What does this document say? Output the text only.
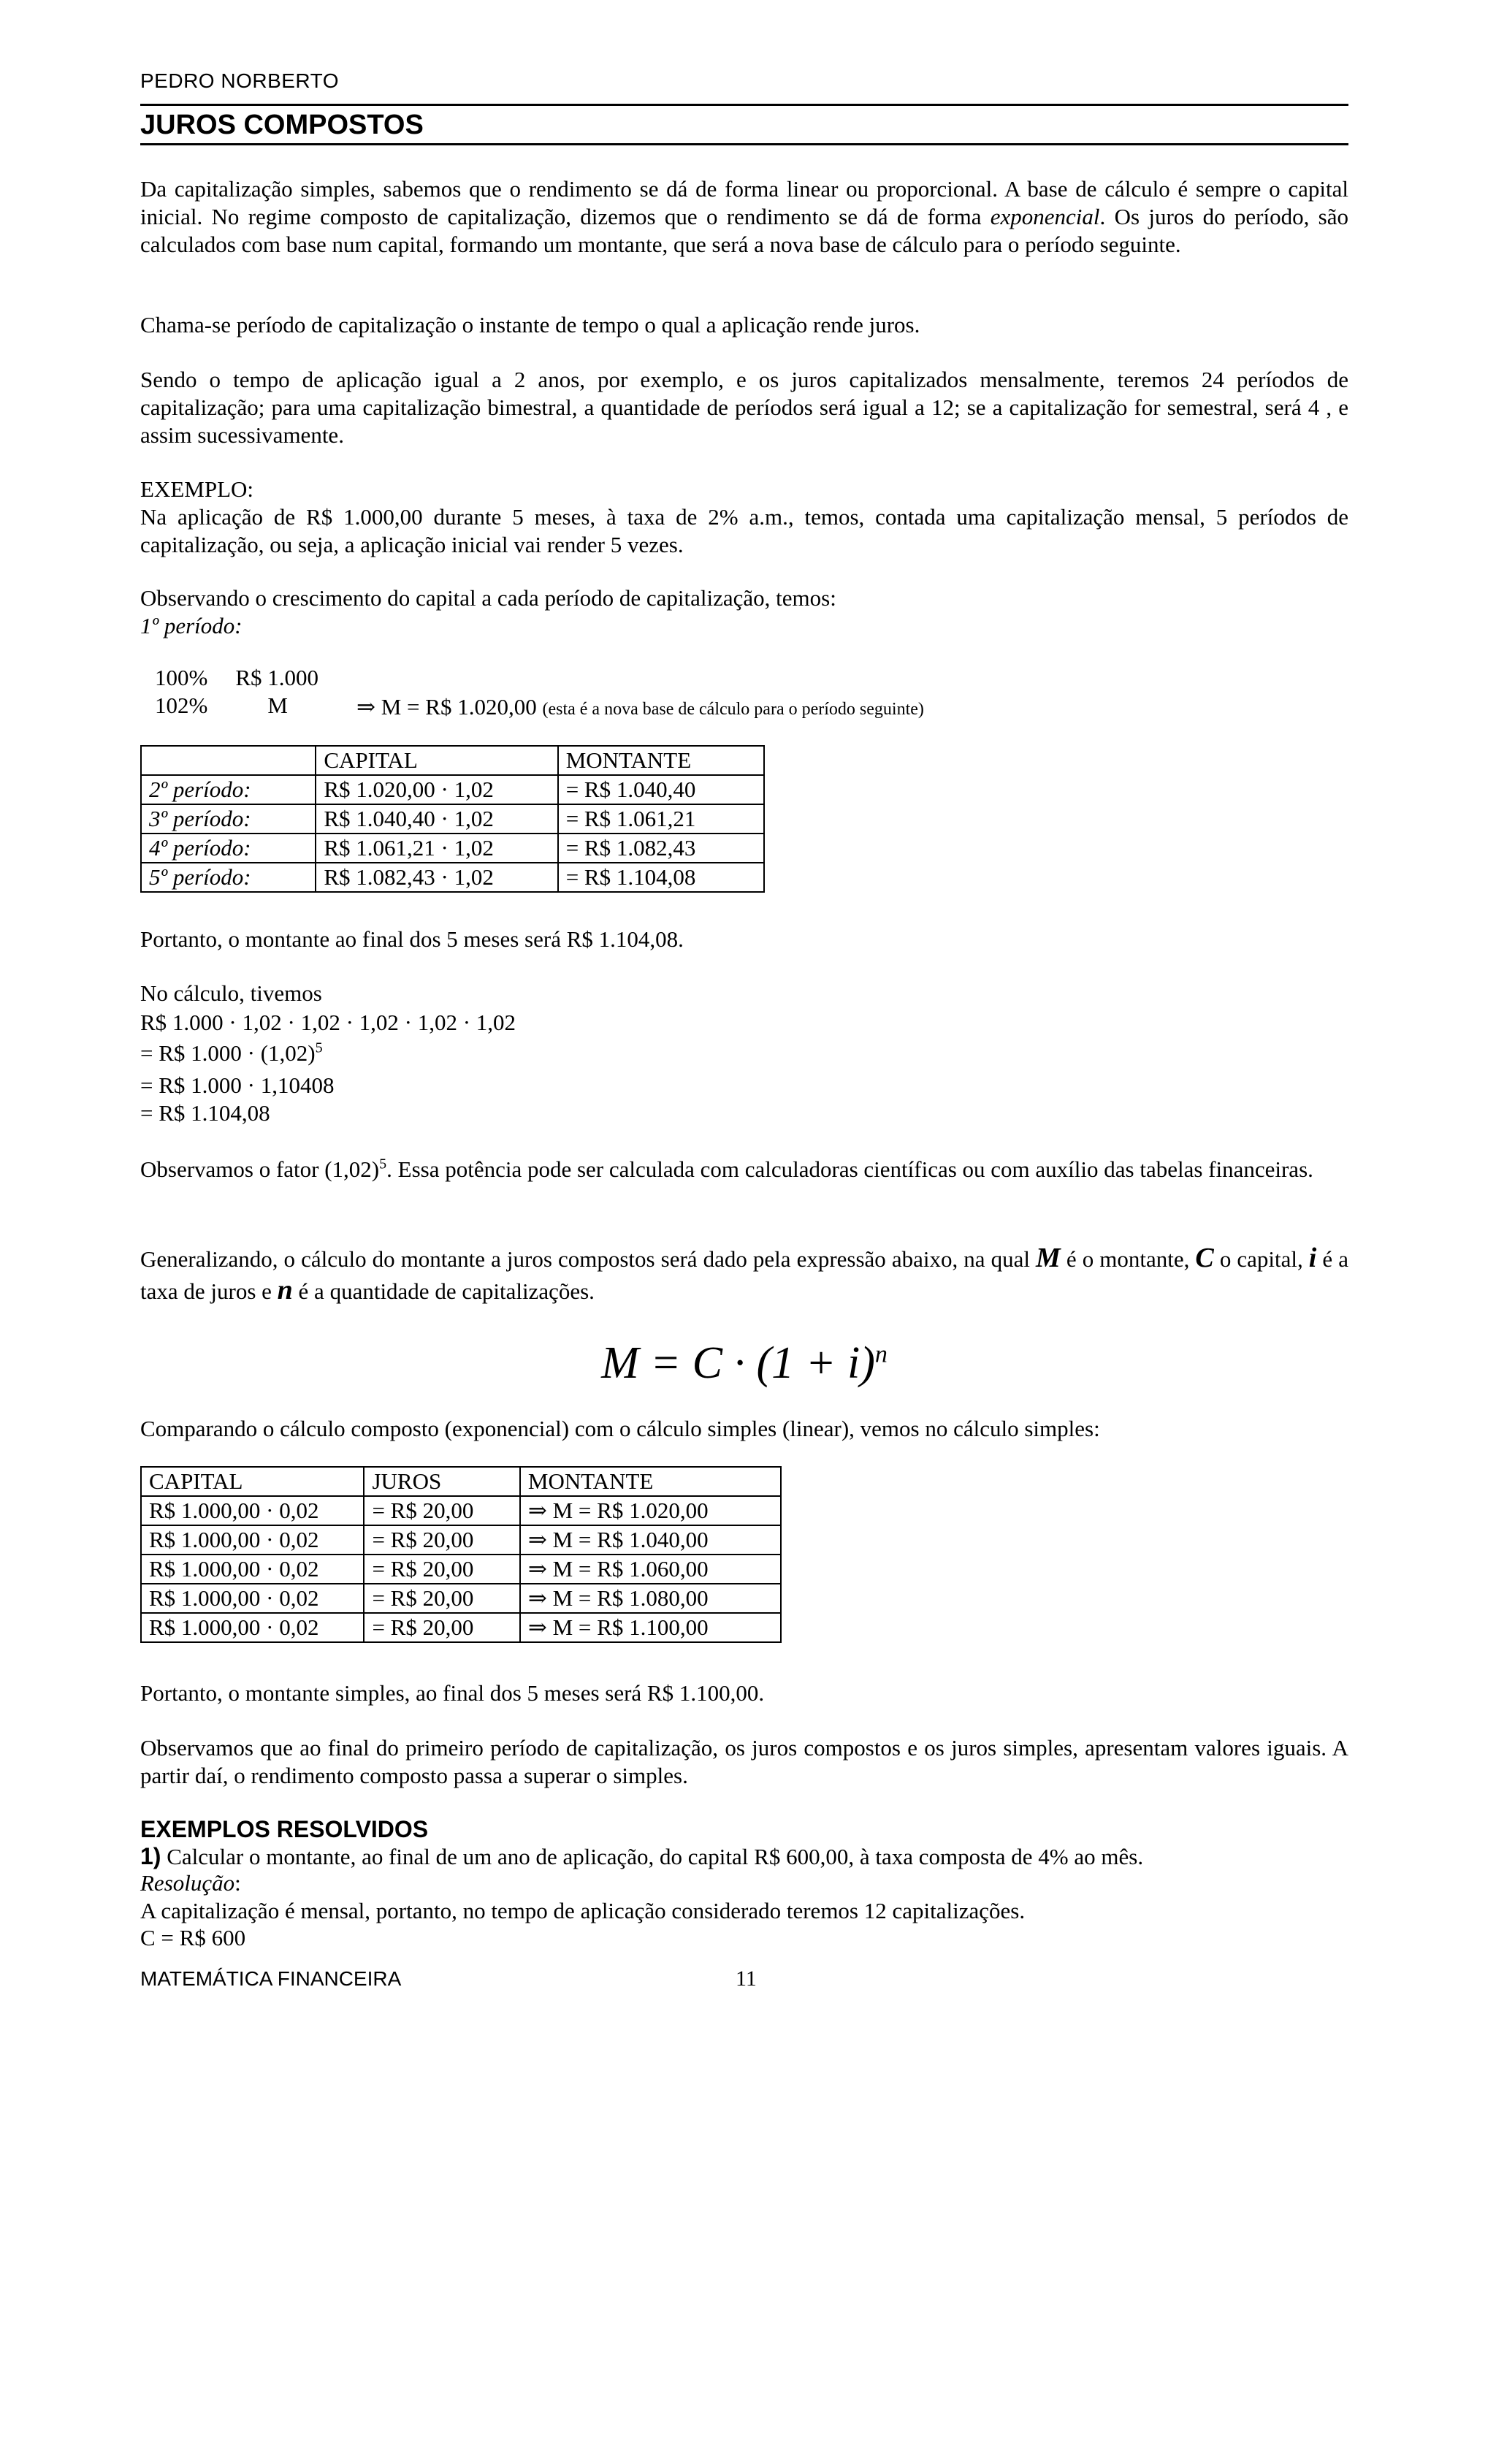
PEDRO NORBERTO
JUROS COMPOSTOS
Da capitalização simples, sabemos que o rendimento se dá de forma linear ou proporcional. A base de cálculo é sempre o capital inicial. No regime composto de capitalização, dizemos que o rendimento se dá de forma exponencial. Os juros do período, são calculados com base num capital, formando um montante, que será a nova base de cálculo para o período seguinte.
Chama-se período de capitalização o instante de tempo o qual a aplicação rende juros.
Sendo o tempo de aplicação igual a 2 anos, por exemplo, e os juros capitalizados mensalmente, teremos 24 períodos de capitalização; para uma capitalização bimestral, a quantidade de períodos será igual a 12; se a capitalização for semestral, será 4 , e assim sucessivamente.
EXEMPLO:
Na aplicação de R$ 1.000,00 durante 5 meses, à taxa de 2% a.m., temos, contada uma capitalização mensal, 5 períodos de capitalização, ou seja, a aplicação inicial vai render 5 vezes.
Observando o crescimento do capital a cada período de capitalização, temos:
1º período:
100% R$ 1.000
102%	M	⇒ M = R$ 1.020,00 (esta é a nova base de cálculo para o período seguinte)
	CAPITAL	MONTANTE
2º período:	R$ 1.020,00 · 1,02	= R$ 1.040,40
3º período:	R$ 1.040,40 · 1,02	= R$ 1.061,21
4º período:	R$ 1.061,21 · 1,02	= R$ 1.082,43
5º período:	R$ 1.082,43 · 1,02	= R$ 1.104,08
Portanto, o montante ao final dos 5 meses será R$ 1.104,08.
No cálculo, tivemos
R$ 1.000 · 1,02 · 1,02 · 1,02 · 1,02 · 1,02
= R$ $1.000 \cdot (1,02)^5$
= R$ 1.000 · 1,10408
= R$ 1.104,08
Observamos o fator $(1,02)^5$. Essa potência pode ser calculada com calculadoras científicas ou com auxílio das tabelas financeiras.
Generalizando, o cálculo do montante a juros compostos será dado pela expressão abaixo, na qual M é o montante, C o capital, i é a taxa de juros e n é a quantidade de capitalizações.
$M = C \cdot (1 + i)^n$
Comparando o cálculo composto (exponencial) com o cálculo simples (linear), vemos no cálculo simples:
CAPITAL	JUROS	MONTANTE
R$ 1.000,00 · 0,02	= R$ 20,00	⇒ M = R$ 1.020,00
R$ 1.000,00 · 0,02	= R$ 20,00	⇒ M = R$ 1.040,00
R$ 1.000,00 · 0,02	= R$ 20,00	⇒ M = R$ 1.060,00
R$ 1.000,00 · 0,02	= R$ 20,00	⇒ M = R$ 1.080,00
R$ 1.000,00 · 0,02	= R$ 20,00	⇒ M = R$ 1.100,00
Portanto, o montante simples, ao final dos 5 meses será R$ 1.100,00.
Observamos que ao final do primeiro período de capitalização, os juros compostos e os juros simples, apresentam valores iguais. A partir daí, o rendimento composto passa a superar o simples.
EXEMPLOS RESOLVIDOS
1) Calcular o montante, ao final de um ano de aplicação, do capital R$ 600,00, à taxa composta de 4% ao mês.
Resolução:
A capitalização é mensal, portanto, no tempo de aplicação considerado teremos 12 capitalizações.
C = R$ 600
MATEMÁTICA FINANCEIRA	11
